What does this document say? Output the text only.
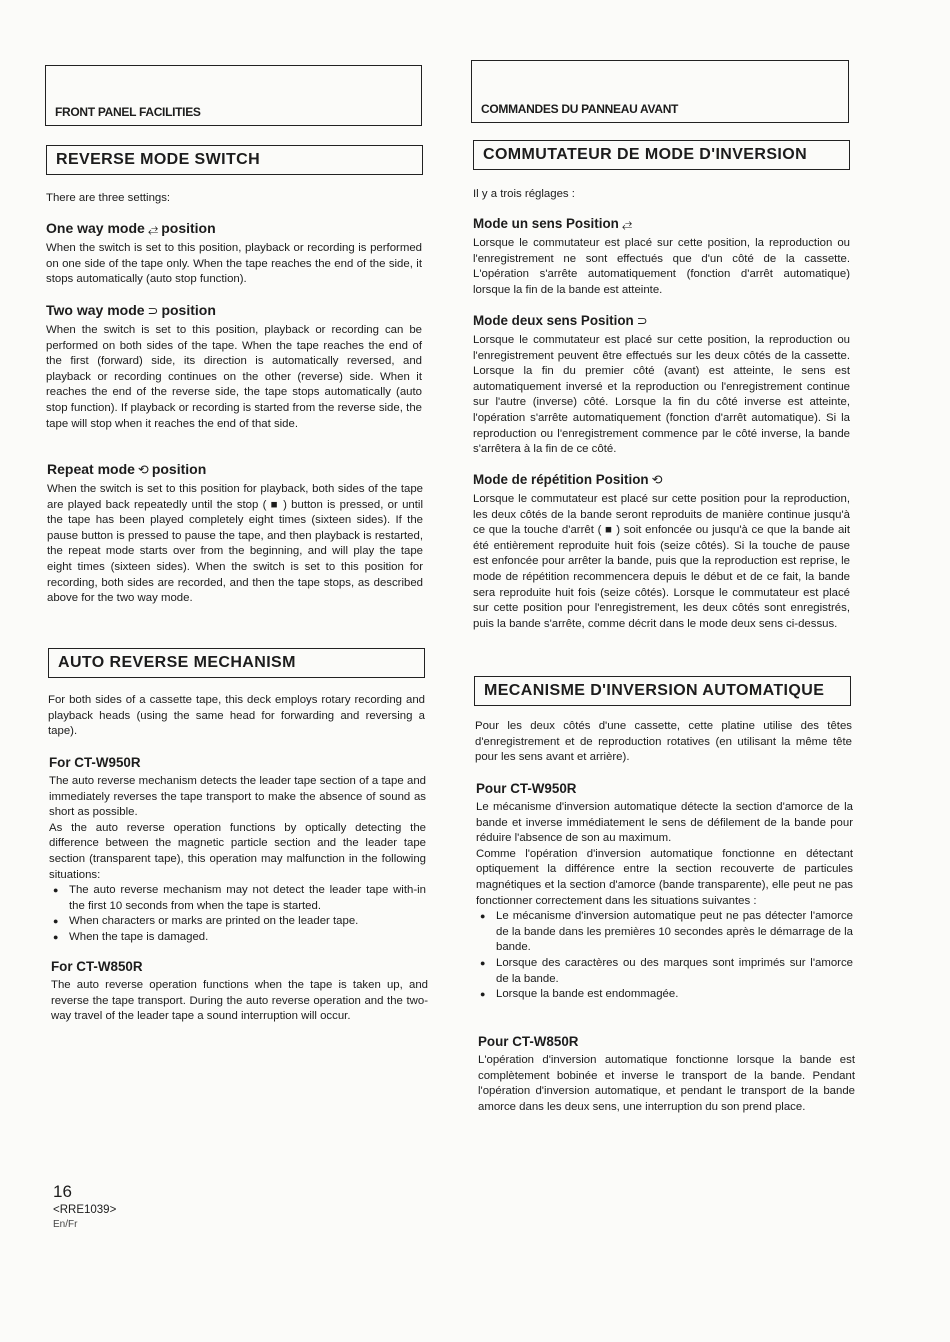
FRONT PANEL FACILITIES
REVERSE MODE SWITCH

There are three settings:

One way mode ⥄ position

When the switch is set to this position, playback or recording is performed on one side of the tape only. When the tape reaches the end of the side, it stops automatically (auto stop function).

Two way mode ⊃ position

When the switch is set to this position, playback or recording can be performed on both sides of the tape. When the tape reaches the end of the first (forward) side, its direction is automatically reversed, and playback or recording continues on the other (reverse) side. When it reaches the end of the reverse side, the tape stops automatically (auto stop function). If playback or recording is started from the reverse side, the tape will stop when it reaches the end of that side.

Repeat mode ⟲ position

When the switch is set to this position for playback, both sides of the tape are played back repeatedly until the stop ( ■ ) button is pressed, or until the tape has been played completely eight times (sixteen sides). If the pause button is pressed to pause the tape, and then playback is restarted, the repeat mode starts over from the beginning, and will play the tape eight times (sixteen sides). When the switch is set to this position for recording, both sides are recorded, and then the tape stops, as described above for the two way mode.

AUTO REVERSE MECHANISM

For both sides of a cassette tape, this deck employs rotary recording and playback heads (using the same head for forwarding and reversing a tape).

For CT-W950R

The auto reverse mechanism detects the leader tape section of a tape and immediately reverses the tape transport to make the absence of sound as short as possible.

As the auto reverse operation functions by optically detecting the difference between the magnetic particle section and the leader tape section (transparent tape), this operation may malfunction in the following situations:

● The auto reverse mechanism may not detect the leader tape with-in the first 10 seconds from when the tape is started.
● When characters or marks are printed on the leader tape.
● When the tape is damaged.
For CT-W850R

The auto reverse operation functions when the tape is taken up, and reverse the tape transport. During the auto reverse operation and the two-way travel of the leader tape a sound interruption will occur.

COMMANDES DU PANNEAU AVANT
COMMUTATEUR DE MODE D'INVERSION

Il y a trois réglages :

Mode un sens Position ⥄

Lorsque le commutateur est placé sur cette position, la reproduction ou l'enregistrement ne sont effectués que d'un côté de la cassette. L'opération s'arrête automatiquement (fonction d'arrêt automatique) lorsque la fin de la bande est atteinte.

Mode deux sens Position ⊃

Lorsque le commutateur est placé sur cette position, la reproduction ou l'enregistrement peuvent être effectués sur les deux côtés de la cassette. Lorsque la fin du premier côté (avant) est atteinte, le sens est automatiquement inversé et la reproduction ou l'enregistrement continue sur l'autre (inverse) côté. Lorsque la fin du côté inverse est atteinte, l'opération s'arrête automatiquement (fonction d'arrêt automatique). Si la reproduction ou l'enregistrement commence par le côté inverse, la bande s'arrêtera à la fin de ce côté.

Mode de répétition Position ⟲

Lorsque le commutateur est placé sur cette position pour la reproduction, les deux côtés de la bande seront reproduits de manière continue jusqu'à ce que la touche d'arrêt ( ■ ) soit enfoncée ou jusqu'à ce que la bande ait été entièrement reproduite huit fois (seize côtés). Si la touche de pause est enfoncée pour arrêter la bande, puis que la reproduction est reprise, le mode de répétition recommencera depuis le début et de ce fait, la bande sera reproduite huit fois (seize côtés). Lorsque le commutateur est placé sur cette position pour l'enregistrement, les deux côtés sont enregistrés, puis la bande s'arrête, comme décrit dans le mode deux sens ci-dessus.

MECANISME D'INVERSION AUTOMATIQUE

Pour les deux côtés d'une cassette, cette platine utilise des têtes d'enregistrement et de reproduction rotatives (en utilisant la même tête pour les sens avant et arrière).

Pour CT-W950R

Le mécanisme d'inversion automatique détecte la section d'amorce de la bande et inverse immédiatement le sens de défilement de la bande pour réduire l'absence de son au maximum.

Comme l'opération d'inversion automatique fonctionne en détectant optiquement la différence entre la section recouverte de particules magnétiques et la section d'amorce (bande transparente), elle peut ne pas fonctionner correctement dans les situations suivantes :

● Le mécanisme d'inversion automatique peut ne pas détecter l'amorce de la bande dans les premières 10 secondes après le démarrage de la bande.
● Lorsque des caractères ou des marques sont imprimés sur l'amorce de la bande.
● Lorsque la bande est endommagée.
Pour CT-W850R

L'opération d'inversion automatique fonctionne lorsque la bande est complètement bobinée et inverse le transport de la bande. Pendant l'opération d'inversion automatique, et pendant le transport de la bande amorce dans les deux sens, une interruption du son prend place.

16
<RRE1039>
En/Fr
